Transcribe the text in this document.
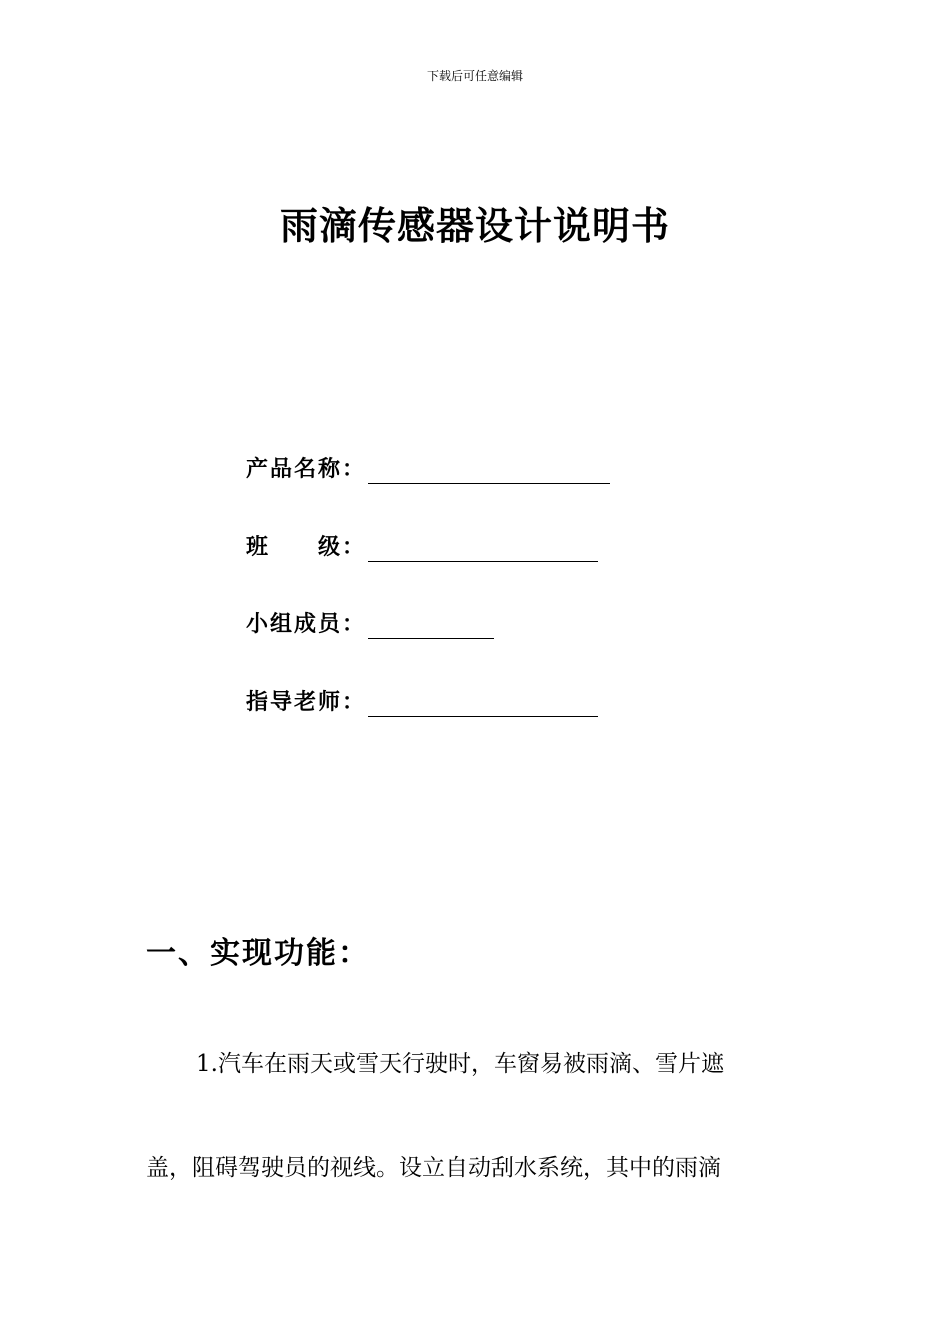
下载后可任意编辑
雨滴传感器设计说明书
产品名称：
班　　级：
小组成员：
指导老师：
一、实现功能：
1.汽车在雨天或雪天行驶时，车窗易被雨滴、雪片遮
盖，阻碍驾驶员的视线。设立自动刮水系统，其中的雨滴
